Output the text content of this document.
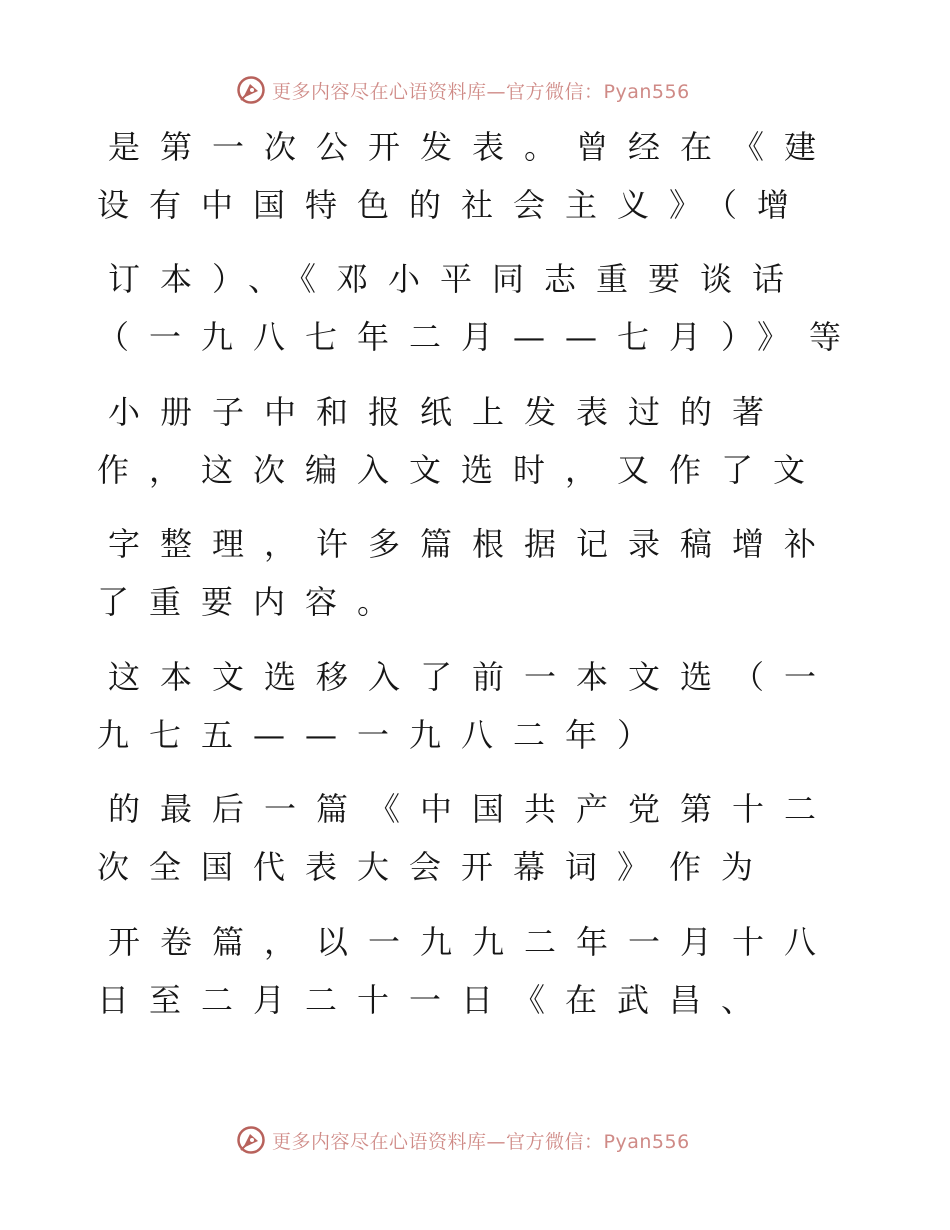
更多内容尽在心语资料库—官方微信：Pyan556
是第一次公开发表。曾经在《建
设有中国特色的社会主义》（增
订本）、《邓小平同志重要谈话
（一九八七年二月——七月）》等
小册子中和报纸上发表过的著
作，这次编入文选时，又作了文
字整理，许多篇根据记录稿增补
了重要内容。
这本文选移入了前一本文选（一
九七五——一九八二年）
的最后一篇《中国共产党第十二
次全国代表大会开幕词》作为
开卷篇，以一九九二年一月十八
日至二月二十一日《在武昌、
更多内容尽在心语资料库—官方微信：Pyan556
